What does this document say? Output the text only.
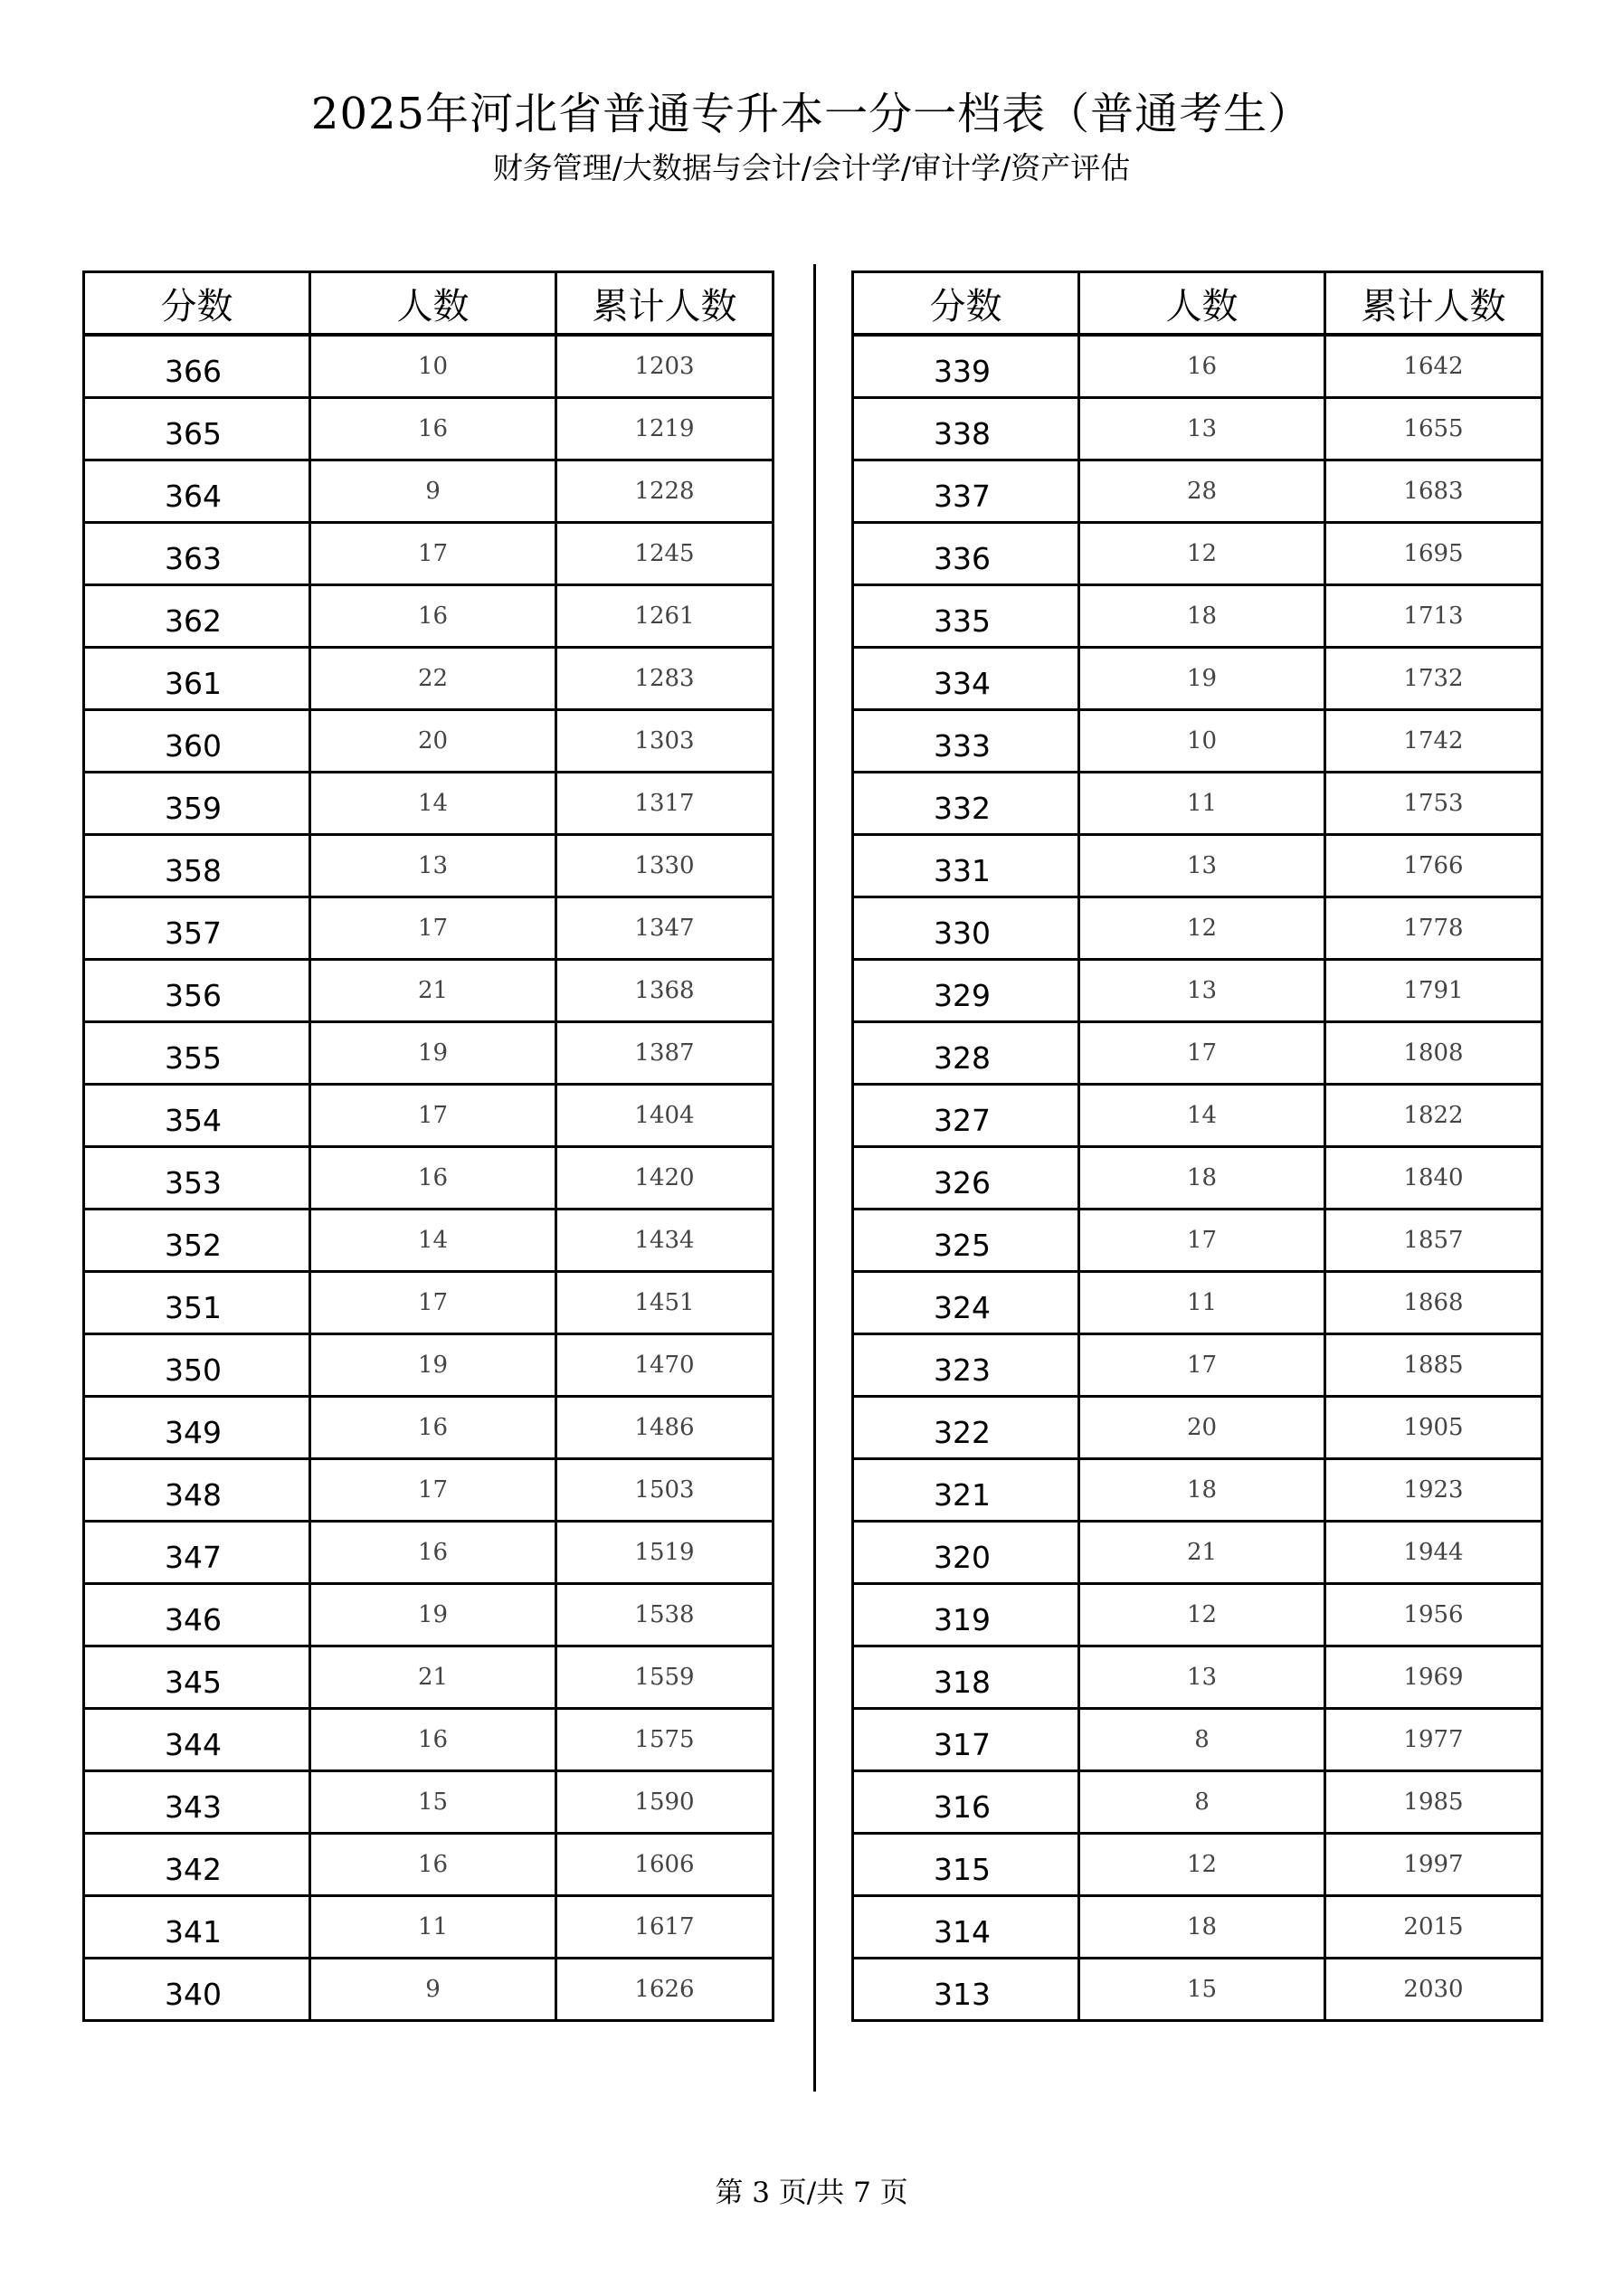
2025年河北省普通专升本一分一档表（普通考生）
财务管理/大数据与会计/会计学/审计学/资产评估
分数	人数	累计人数
366	10	1203
365	16	1219
364	9	1228
363	17	1245
362	16	1261
361	22	1283
360	20	1303
359	14	1317
358	13	1330
357	17	1347
356	21	1368
355	19	1387
354	17	1404
353	16	1420
352	14	1434
351	17	1451
350	19	1470
349	16	1486
348	17	1503
347	16	1519
346	19	1538
345	21	1559
344	16	1575
343	15	1590
342	16	1606
341	11	1617
340	9	1626
分数	人数	累计人数
339	16	1642
338	13	1655
337	28	1683
336	12	1695
335	18	1713
334	19	1732
333	10	1742
332	11	1753
331	13	1766
330	12	1778
329	13	1791
328	17	1808
327	14	1822
326	18	1840
325	17	1857
324	11	1868
323	17	1885
322	20	1905
321	18	1923
320	21	1944
319	12	1956
318	13	1969
317	8	1977
316	8	1985
315	12	1997
314	18	2015
313	15	2030
第 3 页/共 7 页
